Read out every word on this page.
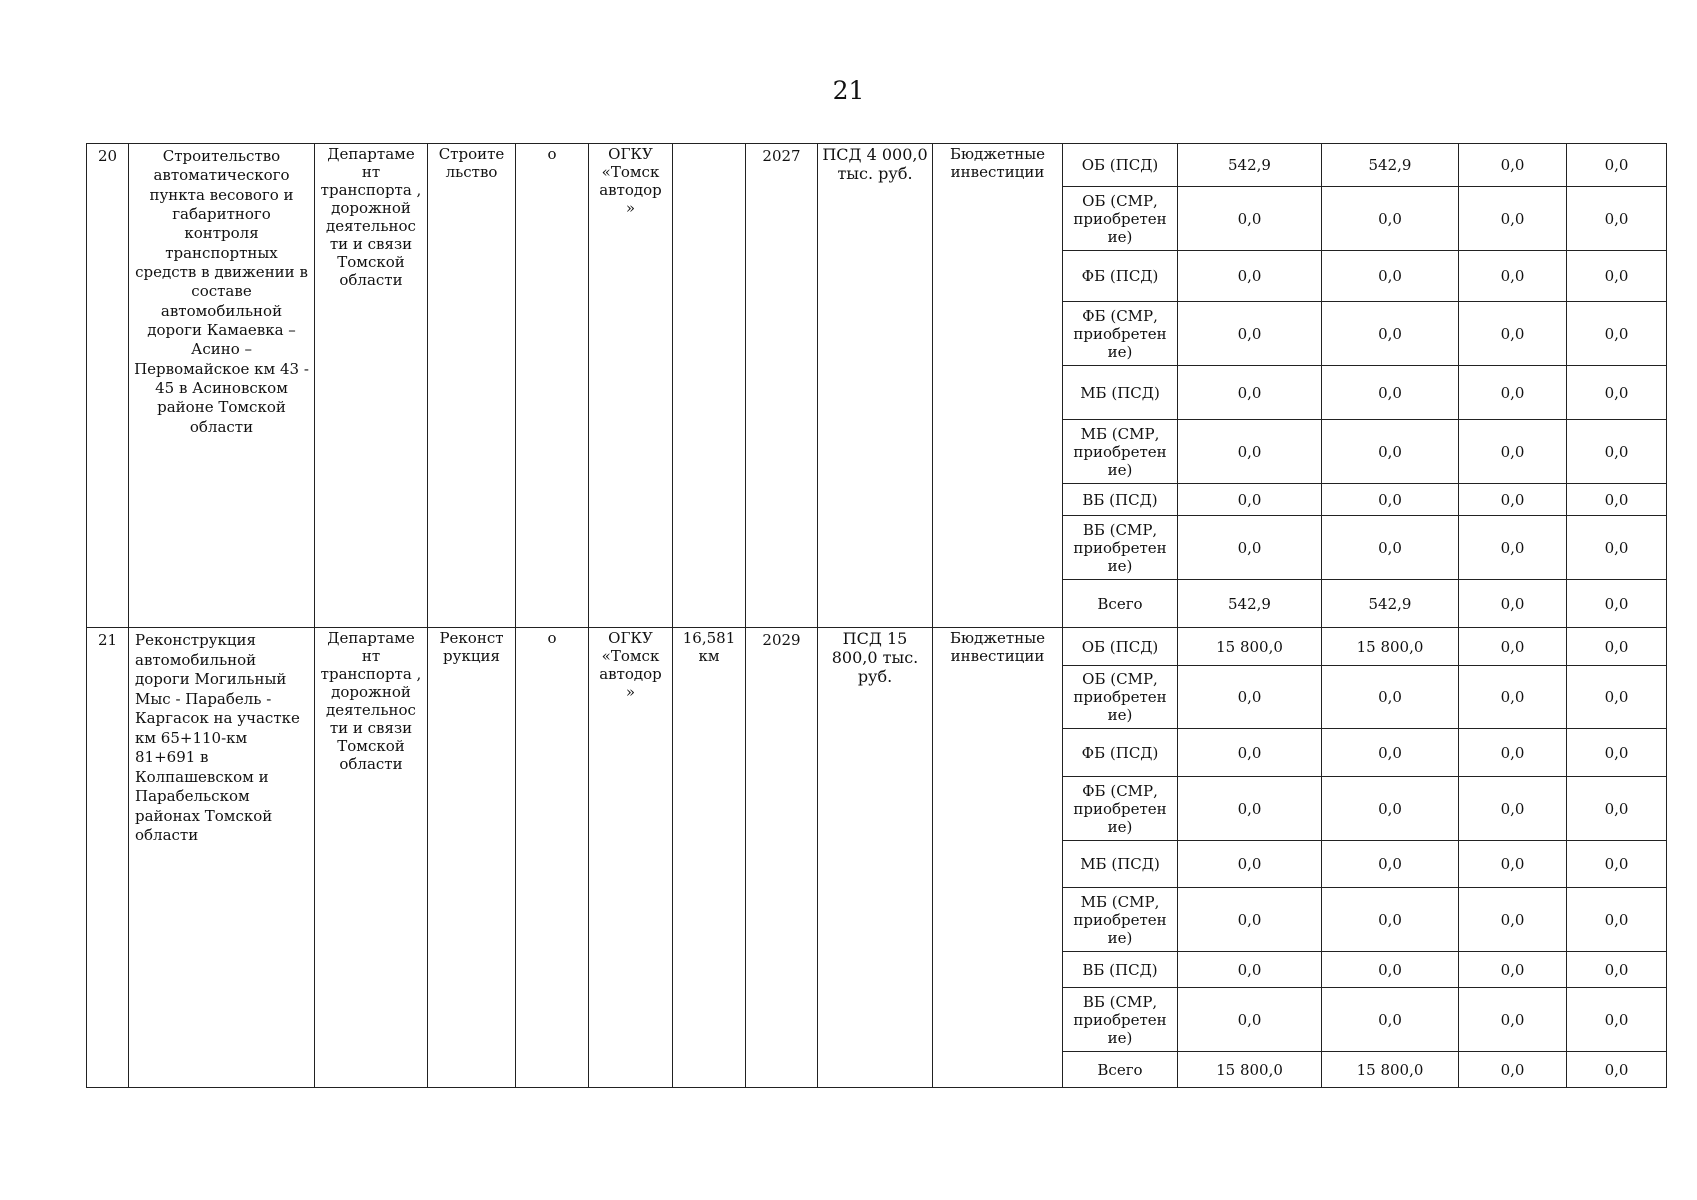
21
20	Строительство автоматического пункта весового и габаритного контроля транспортных средств в движении в составе автомобильной дороги Камаевка – Асино – Первомайское км 43 - 45 в Асиновском районе Томской области	Департаме нт транспорта , дорожной деятельнос ти и связи Томской области	Строите льство	о	ОГКУ «Томск автодор »		2027	ПСД 4 000,0 тыс. руб.	Бюджетные инвестиции	ОБ (ПСД)	542,9	542,9	0,0	0,0
										ОБ (СМР, приобретен ие)	0,0	0,0	0,0	0,0
										ФБ (ПСД)	0,0	0,0	0,0	0,0
										ФБ (СМР, приобретен ие)	0,0	0,0	0,0	0,0
										МБ (ПСД)	0,0	0,0	0,0	0,0
										МБ (СМР, приобретен ие)	0,0	0,0	0,0	0,0
										ВБ (ПСД)	0,0	0,0	0,0	0,0
										ВБ (СМР, приобретен ие)	0,0	0,0	0,0	0,0
										Всего	542,9	542,9	0,0	0,0
21	Реконструкция автомобильной дороги Могильный Мыс - Парабель - Каргасок на участке км 65+110-км 81+691 в Колпашевском и Парабельском районах Томской области	Департаме нт транспорта , дорожной деятельнос ти и связи Томской области	Реконст рукция	о	ОГКУ «Томск автодор »	16,581 км	2029	ПСД 15 800,0 тыс. руб.	Бюджетные инвестиции	ОБ (ПСД)	15 800,0	15 800,0	0,0	0,0
										ОБ (СМР, приобретен ие)	0,0	0,0	0,0	0,0
										ФБ (ПСД)	0,0	0,0	0,0	0,0
										ФБ (СМР, приобретен ие)	0,0	0,0	0,0	0,0
										МБ (ПСД)	0,0	0,0	0,0	0,0
										МБ (СМР, приобретен ие)	0,0	0,0	0,0	0,0
										ВБ (ПСД)	0,0	0,0	0,0	0,0
										ВБ (СМР, приобретен ие)	0,0	0,0	0,0	0,0
										Всего	15 800,0	15 800,0	0,0	0,0
